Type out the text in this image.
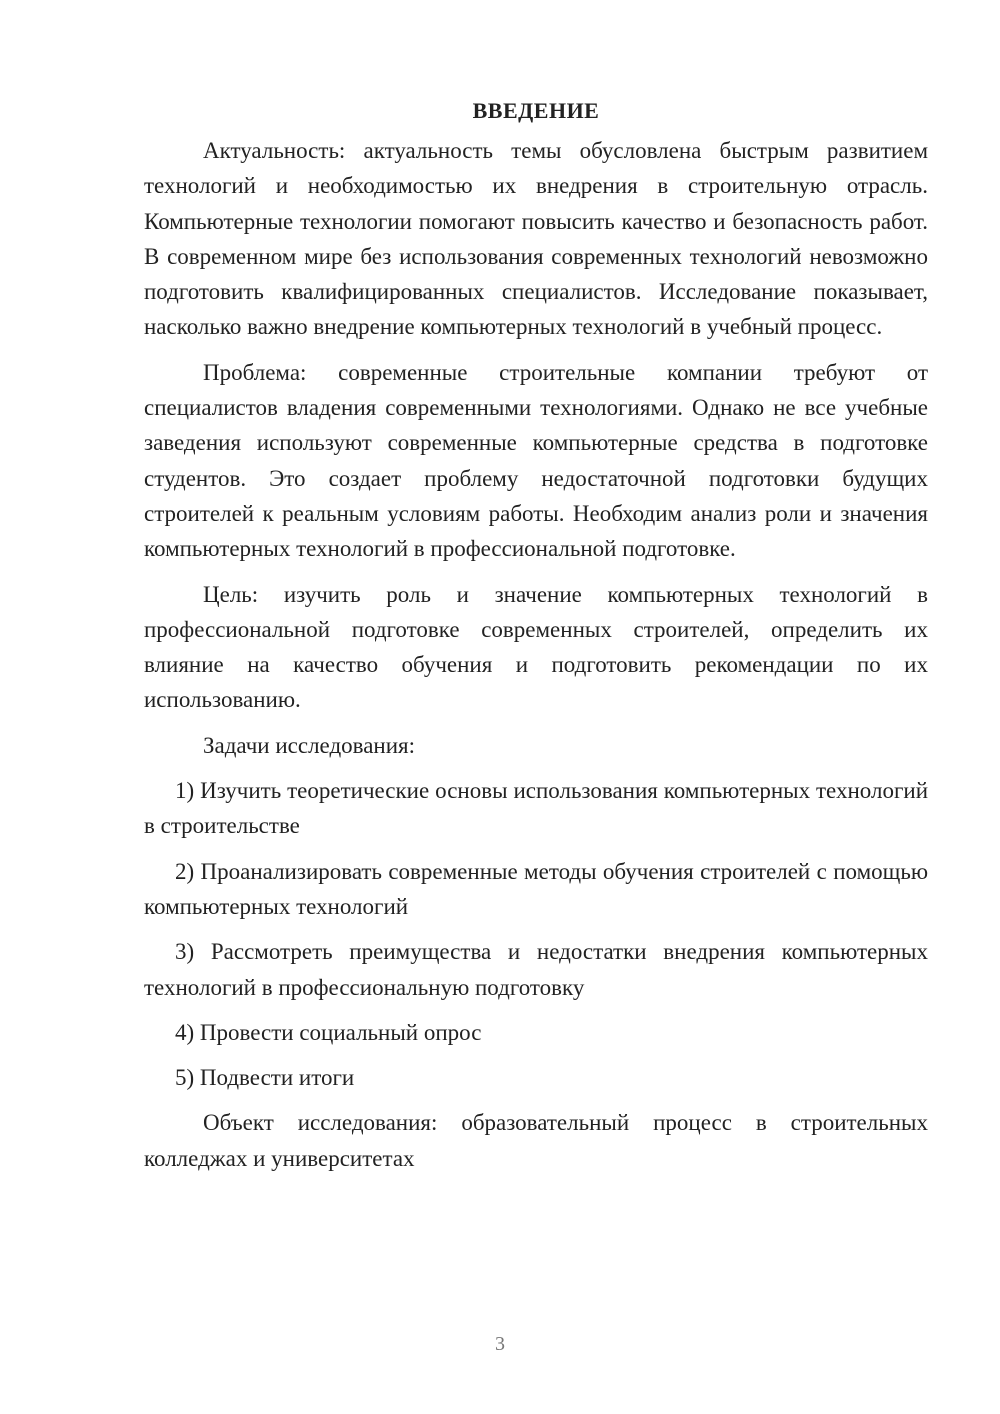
ВВЕДЕНИЕ

Актуальность: актуальность темы обусловлена быстрым развитием технологий и необходимостью их внедрения в строительную отрасль. Компьютерные технологии помогают повысить качество и безопасность работ. В современном мире без использования современных технологий невозможно подготовить квалифицированных специалистов. Исследование показывает, насколько важно внедрение компьютерных технологий в учебный процесс.

Проблема: современные строительные компании требуют от специалистов владения современными технологиями. Однако не все учебные заведения используют современные компьютерные средства в подготовке студентов. Это создает проблему недостаточной подготовки будущих строителей к реальным условиям работы. Необходим анализ роли и значения компьютерных технологий в профессиональной подготовке.

Цель: изучить роль и значение компьютерных технологий в профессиональной подготовке современных строителей, определить их влияние на качество обучения и подготовить рекомендации по их использованию.

Задачи исследования:

1) Изучить теоретические основы использования компьютерных технологий в строительстве

2) Проанализировать современные методы обучения строителей с помощью компьютерных технологий

3) Рассмотреть преимущества и недостатки внедрения компьютерных технологий в профессиональную подготовку

4) Провести социальный опрос

5) Подвести итоги

Объект исследования: образовательный процесс в строительных колледжах и университетах

3
